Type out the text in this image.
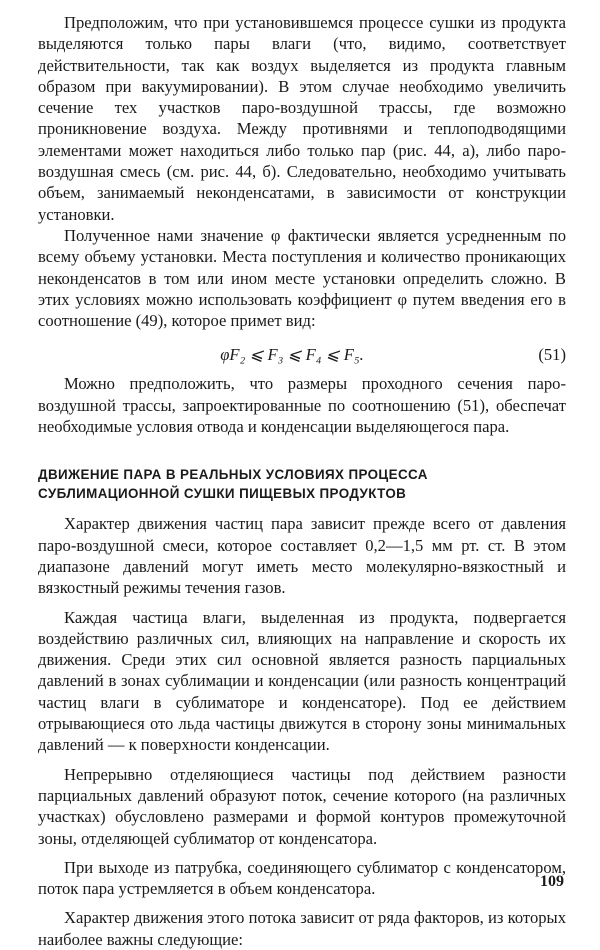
Предположим, что при установившемся процессе сушки из продукта выделяются только пары влаги (что, видимо, соответствует действительности, так как воздух выделяется из продукта главным образом при вакуумировании). В этом случае необходимо увеличить сечение тех участков паро-воздушной трассы, где возможно проникновение воздуха. Между противнями и теплоподводящими элементами может находиться либо только пар (рис. 44, а), либо паро-воздушная смесь (см. рис. 44, б). Следовательно, необходимо учитывать объем, занимаемый неконденсатами, в зависимости от конструкции установки.

Полученное нами значение φ фактически является усредненным по всему объему установки. Места поступления и количество проникающих неконденсатов в том или ином месте установки определить сложно. В этих условиях можно использовать коэффициент φ путем введения его в соотношение (49), которое примет вид:

φF₂ ⩽ F₃ ⩽ F₄ ⩽ F₅.	(51)

Можно предположить, что размеры проходного сечения паро-воздушной трассы, запроектированные по соотношению (51), обеспечат необходимые условия отвода и конденсации выделяющегося пара.

ДВИЖЕНИЕ ПАРА В РЕАЛЬНЫХ УСЛОВИЯХ ПРОЦЕССА
СУБЛИМАЦИОННОЙ СУШКИ ПИЩЕВЫХ ПРОДУКТОВ

Характер движения частиц пара зависит прежде всего от давления паро-воздушной смеси, которое составляет 0,2—1,5 мм рт. ст. В этом диапазоне давлений могут иметь место молекулярно-вязкостный и вязкостный режимы течения газов.

Каждая частица влаги, выделенная из продукта, подвергается воздействию различных сил, влияющих на направление и скорость их движения. Среди этих сил основной является разность парциальных давлений в зонах сублимации и конденсации (или разность концентраций частиц влаги в сублиматоре и конденсаторе). Под ее действием отрывающиеся ото льда частицы движутся в сторону зоны минимальных давлений — к поверхности конденсации.

Непрерывно отделяющиеся частицы под действием разности парциальных давлений образуют поток, сечение которого (на различных участках) обусловлено размерами и формой контуров промежуточной зоны, отделяющей сублиматор от конденсатора.

При выходе из патрубка, соединяющего сублиматор с конденсатором, поток пара устремляется в объем конденсатора.

Характер движения этого потока зависит от ряда факторов, из которых наиболее важны следующие:

109
